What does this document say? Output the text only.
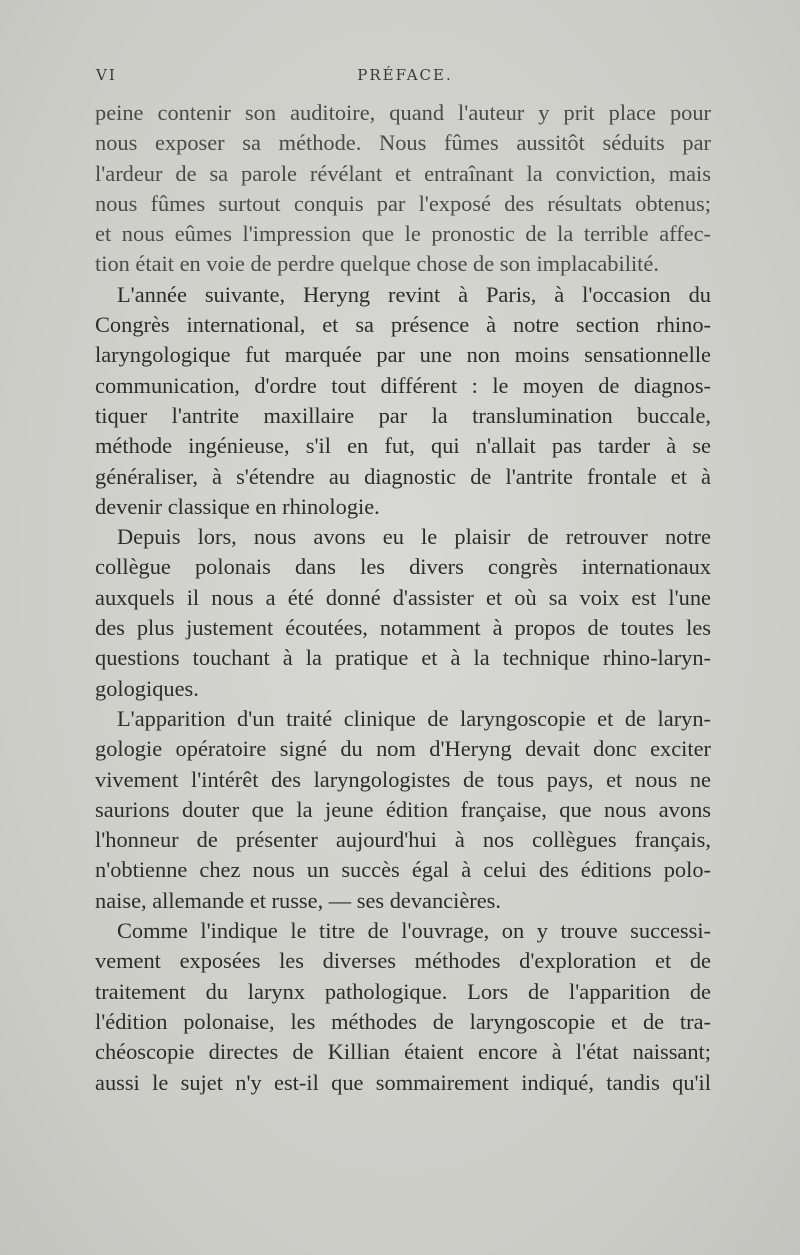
VI	PRÉFACE.
peine contenir son auditoire, quand l'auteur y prit place pour
nous exposer sa méthode. Nous fûmes aussitôt séduits par
l'ardeur de sa parole révélant et entraînant la conviction, mais
nous fûmes surtout conquis par l'exposé des résultats obtenus;
et nous eûmes l'impression que le pronostic de la terrible affec-
tion était en voie de perdre quelque chose de son implacabilité.
L'année suivante, Heryng revint à Paris, à l'occasion du
Congrès international, et sa présence à notre section rhino-
laryngologique fut marquée par une non moins sensationnelle
communication, d'ordre tout différent : le moyen de diagnos-
tiquer l'antrite maxillaire par la translumination buccale,
méthode ingénieuse, s'il en fut, qui n'allait pas tarder à se
généraliser, à s'étendre au diagnostic de l'antrite frontale et à
devenir classique en rhinologie.
Depuis lors, nous avons eu le plaisir de retrouver notre
collègue polonais dans les divers congrès internationaux
auxquels il nous a été donné d'assister et où sa voix est l'une
des plus justement écoutées, notamment à propos de toutes les
questions touchant à la pratique et à la technique rhino-laryn-
gologiques.
L'apparition d'un traité clinique de laryngoscopie et de laryn-
gologie opératoire signé du nom d'Heryng devait donc exciter
vivement l'intérêt des laryngologistes de tous pays, et nous ne
saurions douter que la jeune édition française, que nous avons
l'honneur de présenter aujourd'hui à nos collègues français,
n'obtienne chez nous un succès égal à celui des éditions polo-
naise, allemande et russe, — ses devancières.
Comme l'indique le titre de l'ouvrage, on y trouve successi-
vement exposées les diverses méthodes d'exploration et de
traitement du larynx pathologique. Lors de l'apparition de
l'édition polonaise, les méthodes de laryngoscopie et de tra-
chéoscopie directes de Killian étaient encore à l'état naissant;
aussi le sujet n'y est-il que sommairement indiqué, tandis qu'il
